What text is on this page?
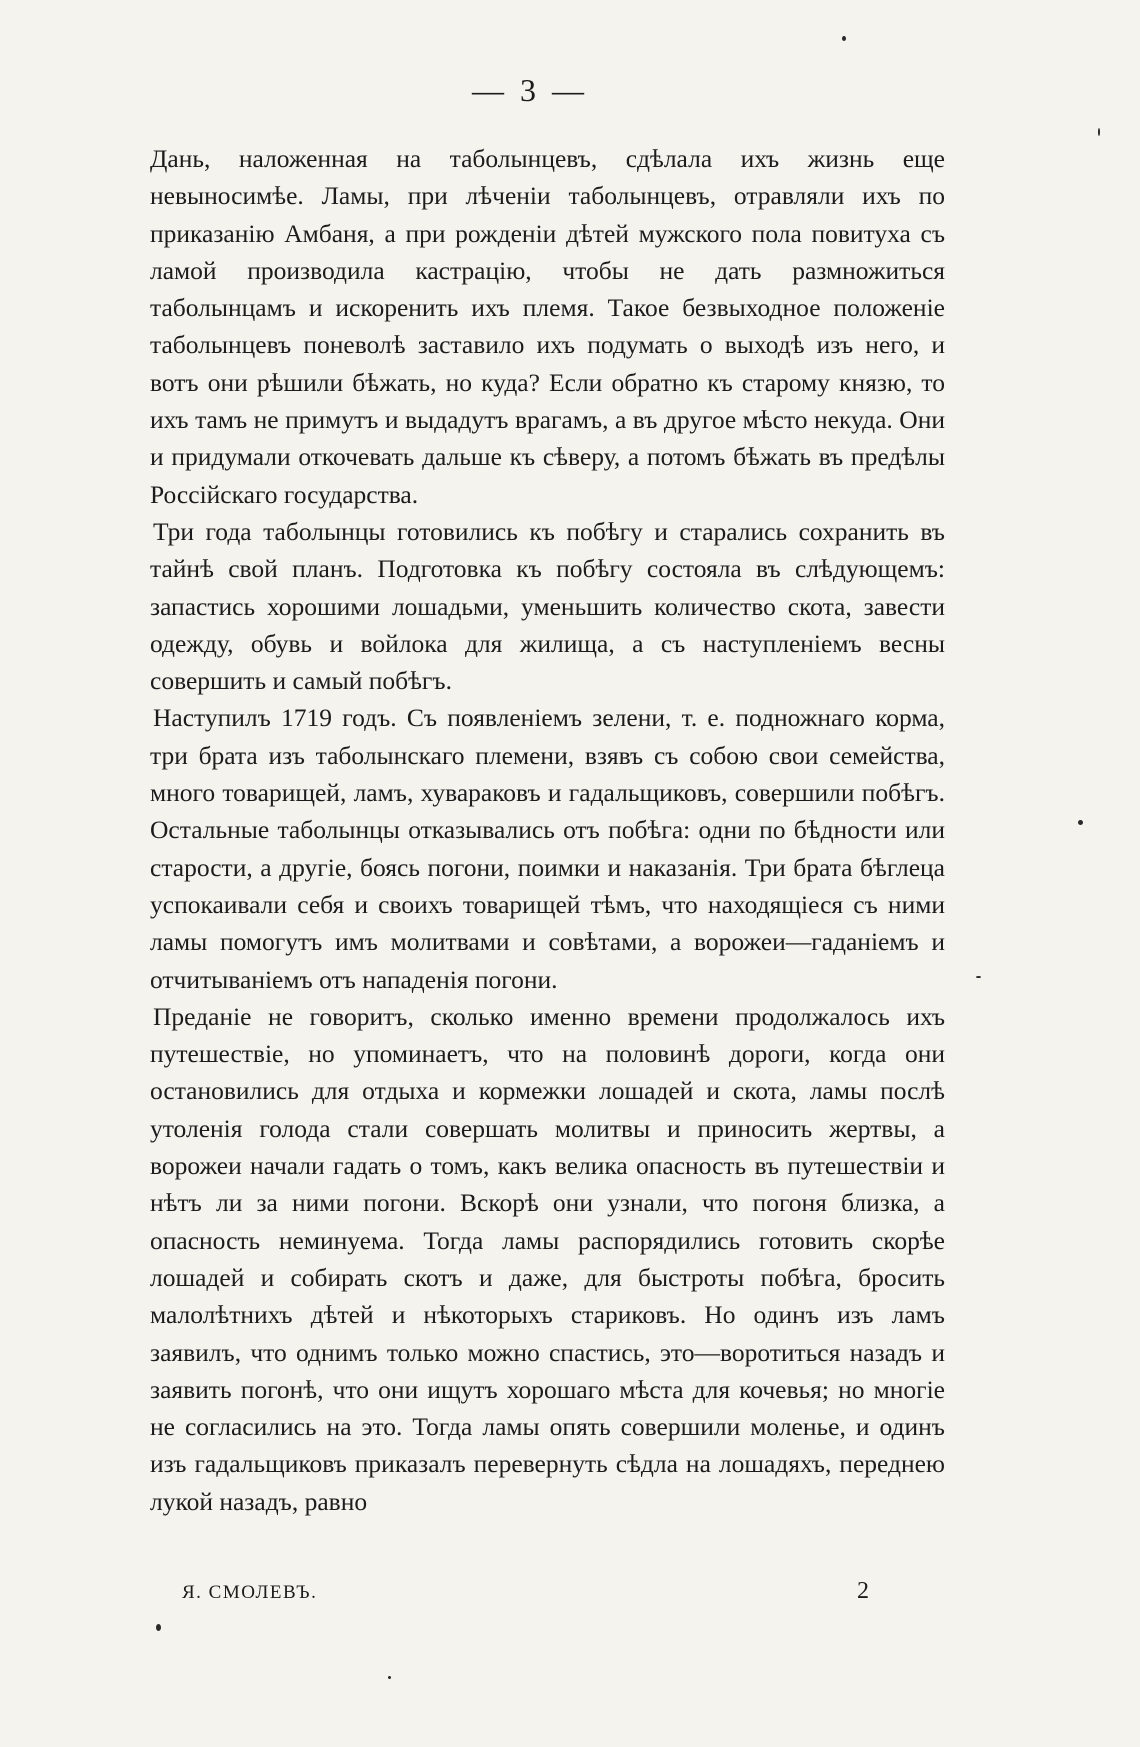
— 3 —

Дань, наложенная на таболынцевъ, сдѣлала ихъ жизнь еще невыносимѣе. Ламы, при лѣченіи таболынцевъ, отравляли ихъ по приказанію Амбаня, а при рожденіи дѣтей мужского пола повитуха съ ламой производила кастрацію, чтобы не дать размножиться таболынцамъ и искоренить ихъ племя. Такое безвыходное положеніе таболынцевъ поневолѣ заставило ихъ подумать о выходѣ изъ него, и вотъ они рѣшили бѣжать, но куда? Если обратно къ старому князю, то ихъ тамъ не примутъ и выдадутъ врагамъ, а въ другое мѣсто некуда. Они и придумали откочевать дальше къ сѣверу, а потомъ бѣжать въ предѣлы Россійскаго государства.

Три года таболынцы готовились къ побѣгу и старались сохранить въ тайнѣ свой планъ. Подготовка къ побѣгу состояла въ слѣдующемъ: запастись хорошими лошадьми, уменьшить количество скота, завести одежду, обувь и войлока для жилища, а съ наступленіемъ весны совершить и самый побѣгъ.

Наступилъ 1719 годъ. Съ появленіемъ зелени, т. е. подножнаго корма, три брата изъ таболынскаго племени, взявъ съ собою свои семейства, много товарищей, ламъ, хувараковъ и гадальщиковъ, совершили побѣгъ. Остальные таболынцы отказывались отъ побѣга: одни по бѣдности или старости, а другіе, боясь погони, поимки и наказанія. Три брата бѣглеца успокаивали себя и своихъ товарищей тѣмъ, что находящіеся съ ними ламы помогутъ имъ молитвами и совѣтами, а ворожеи—гаданіемъ и отчитываніемъ отъ нападенія погони.

Преданіе не говоритъ, сколько именно времени продолжалось ихъ путешествіе, но упоминаетъ, что на половинѣ дороги, когда они остановились для отдыха и кормежки лошадей и скота, ламы послѣ утоленія голода стали совершать молитвы и приносить жертвы, а ворожеи начали гадать о томъ, какъ велика опасность въ путешествіи и нѣтъ ли за ними погони. Вскорѣ они узнали, что погоня близка, а опасность неминуема. Тогда ламы распорядились готовить скорѣе лошадей и собирать скотъ и даже, для быстроты побѣга, бросить малолѣтнихъ дѣтей и нѣкоторыхъ стариковъ. Но одинъ изъ ламъ заявилъ, что однимъ только можно спастись, это—воротиться назадъ и заявить погонѣ, что они ищутъ хорошаго мѣста для кочевья; но многіе не согласились на это. Тогда ламы опять совершили моленье, и одинъ изъ гадальщиковъ приказалъ перевернуть сѣдла на лошадяхъ, переднею лукой назадъ, равно

Я. СМОЛЕВЪ.	2
